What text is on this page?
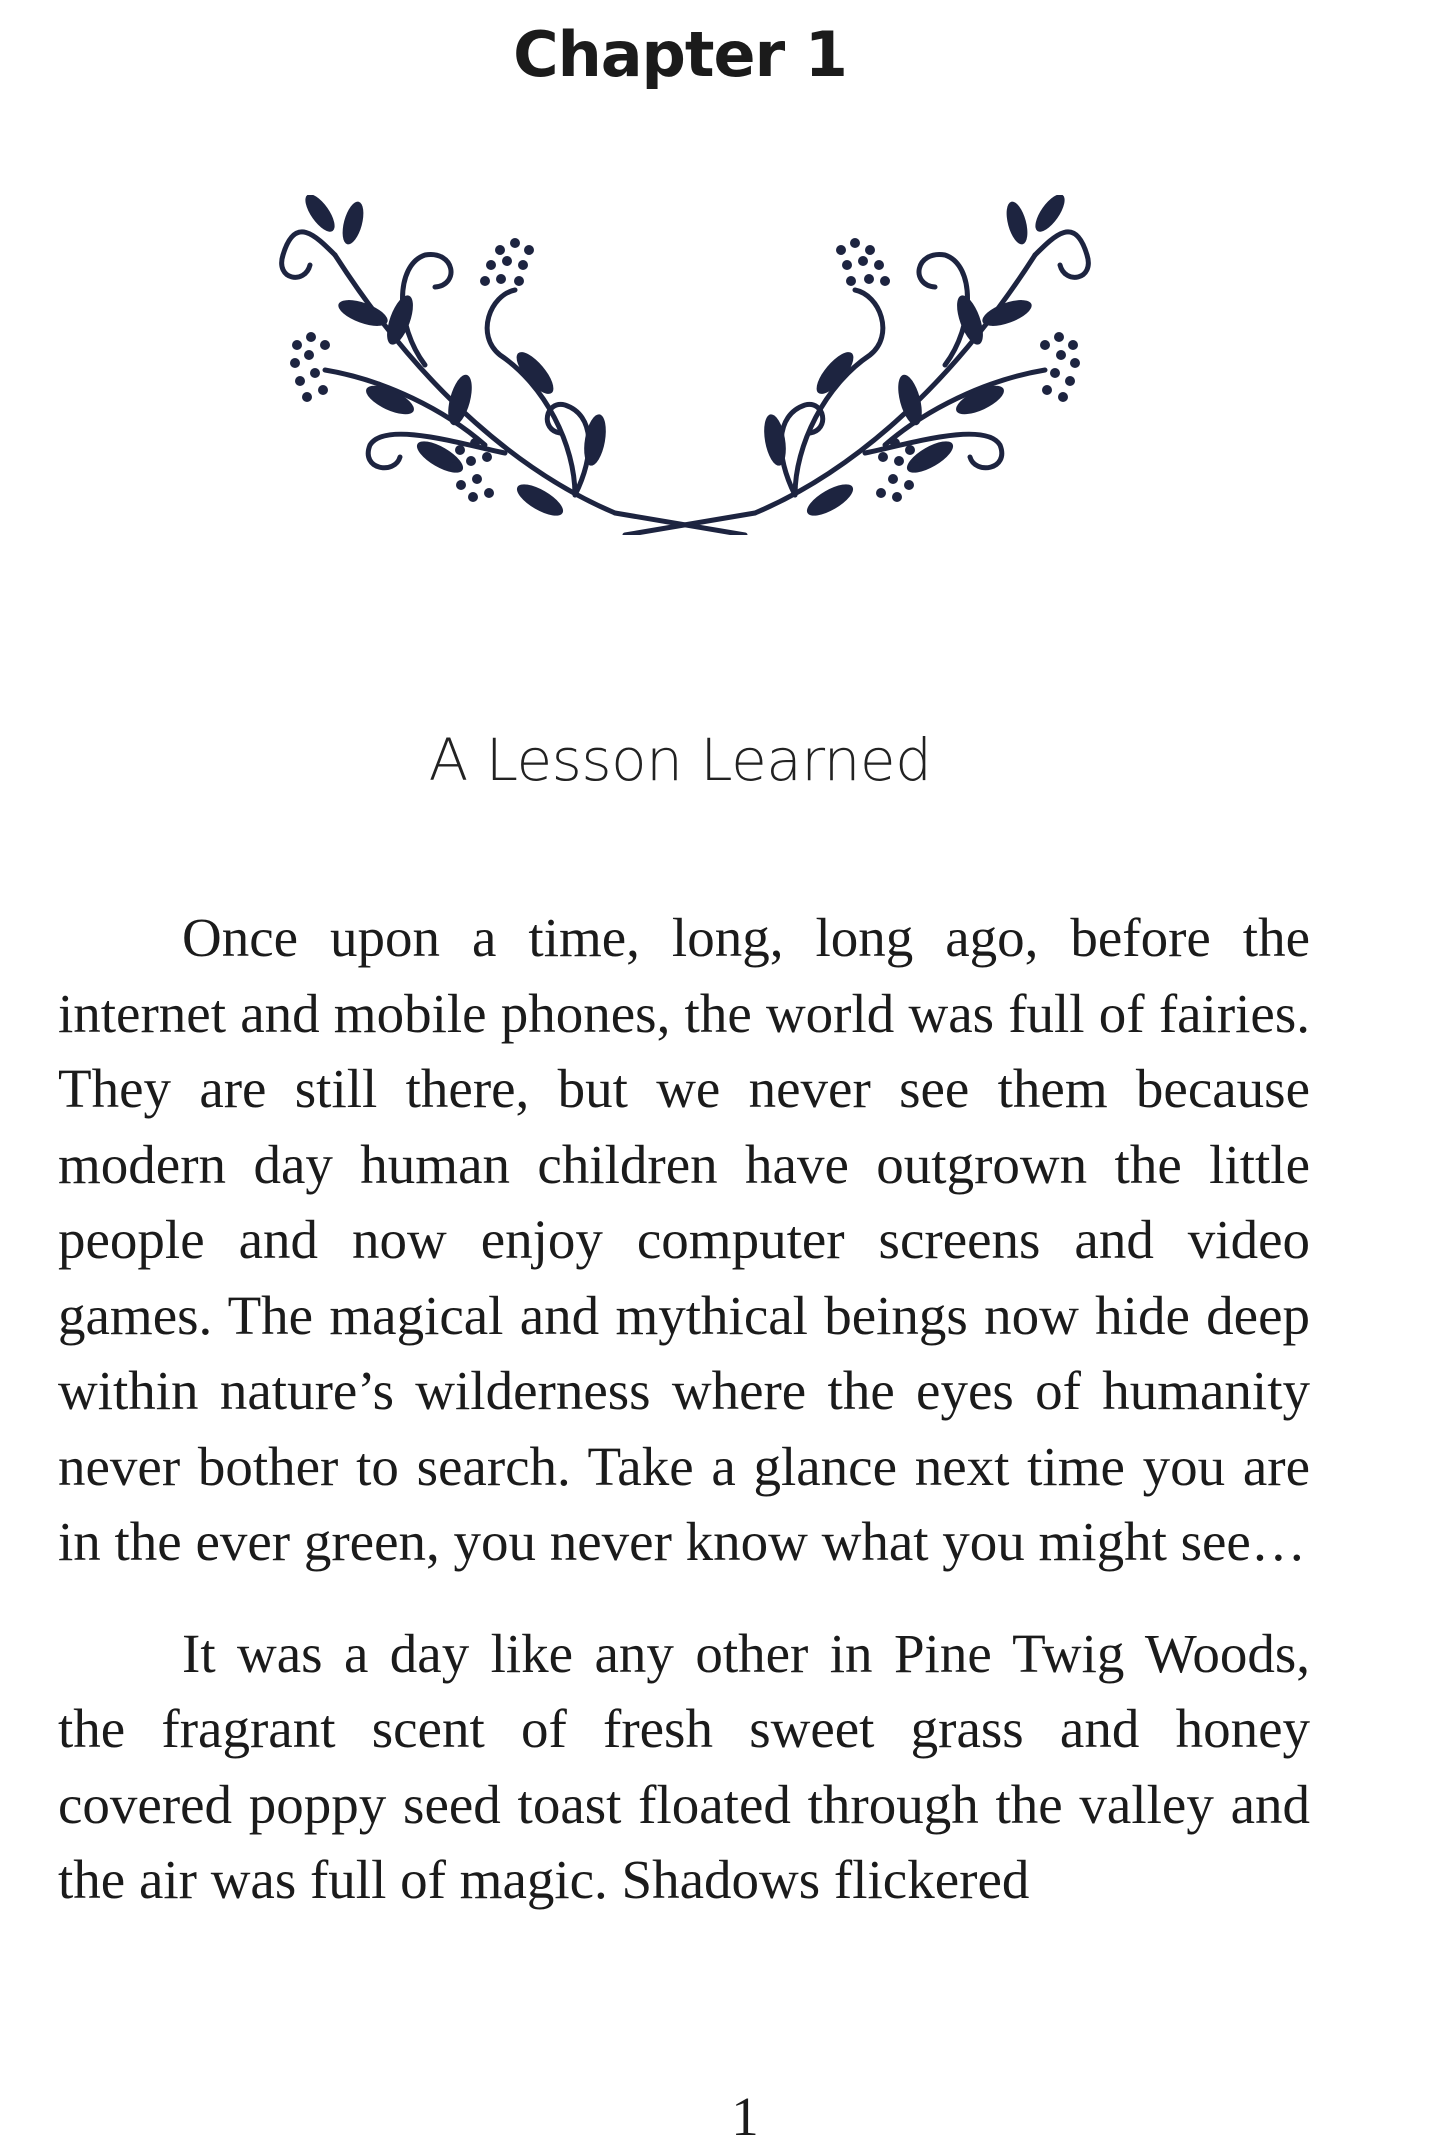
Chapter 1
A Lesson Learned

Once upon a time, long, long ago, before the internet and mobile phones, the world was full of fairies. They are still there, but we never see them because modern day human children have outgrown the little people and now enjoy computer screens and video games. The magical and mythical beings now hide deep within nature’s wilderness where the eyes of humanity never bother to search. Take a glance next time you are in the ever green, you never know what you might see…

It was a day like any other in Pine Twig Woods, the fragrant scent of fresh sweet grass and honey covered poppy seed toast floated through the valley and the air was full of magic. Shadows flickered

1
